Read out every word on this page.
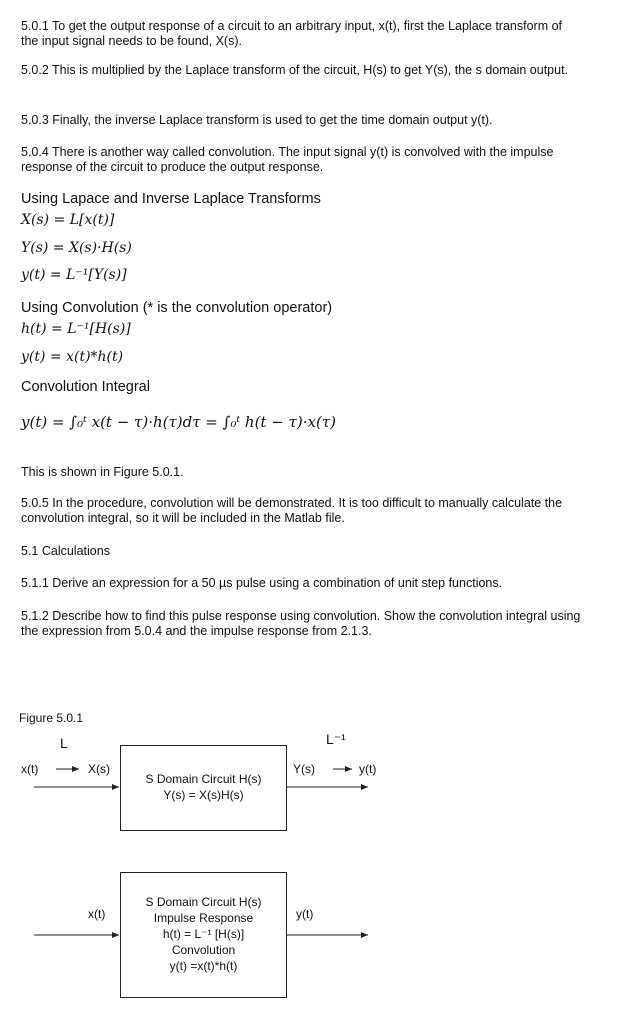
5.0.1 To get the output response of a circuit to an arbitrary input, x(t), first the Laplace transform of the input signal needs to be found, X(s).

5.0.2 This is multiplied by the Laplace transform of the circuit, H(s) to get Y(s), the s domain output.

5.0.3 Finally, the inverse Laplace transform is used to get the time domain output y(t).

5.0.4 There is another way called convolution. The input signal y(t) is convolved with the impulse response of the circuit to produce the output response.

Using Lapace and Inverse Laplace Transforms

X(s) = L[x(t)]

Y(s) = X(s)·H(s)

y(t) = L⁻¹[Y(s)]

Using Convolution (* is the convolution operator)

h(t) = L⁻¹[H(s)]

y(t) = x(t)*h(t)

Convolution Integral

y(t) = ∫₀ᵗ x(t − τ)·h(τ)dτ = ∫₀ᵗ h(t − τ)·x(τ)

This is shown in Figure 5.0.1.

5.0.5 In the procedure, convolution will be demonstrated. It is too difficult to manually calculate the convolution integral, so it will be included in the Matlab file.

5.1 Calculations

5.1.1 Derive an expression for a 50 µs pulse using a combination of unit step functions.

5.1.2 Describe how to find this pulse response using convolution. Show the convolution integral using the expression from 5.0.4 and the impulse response from 2.1.3.

Figure 5.0.1
L	L⁻¹
x(t)	X(s)	Y(s)	y(t)
S Domain Circuit H(s)
Y(s) = X(s)H(s)
x(t)	y(t)
S Domain Circuit H(s)
Impulse Response
h(t) = L⁻¹ [H(s)]
Convolution
y(t) =x(t)*h(t)
